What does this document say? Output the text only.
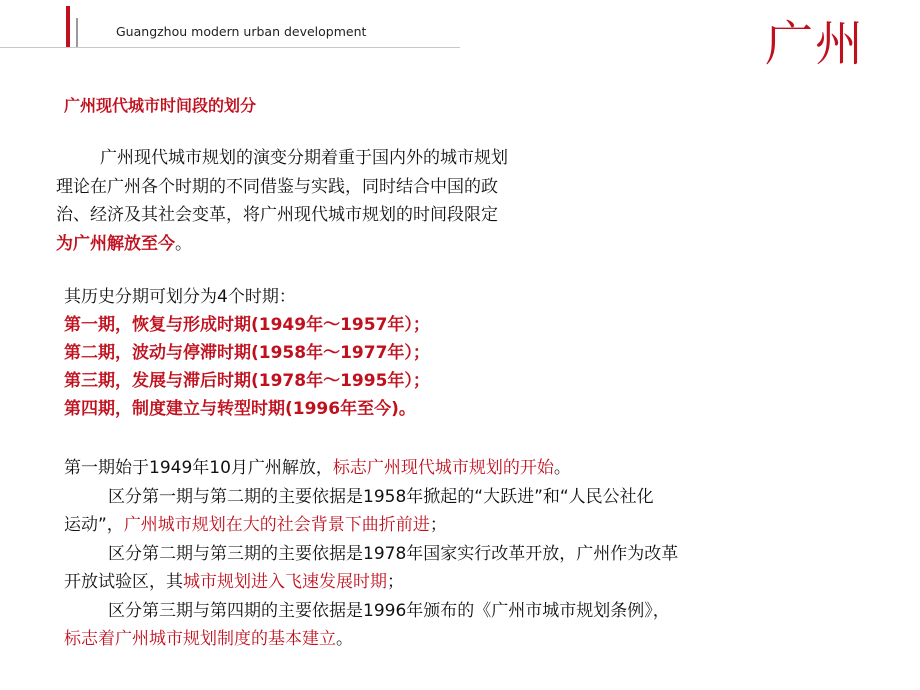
Guangzhou modern urban development	广州
广州现代城市时间段的划分
广州现代城市规划的演变分期着重于国内外的城市规划
理论在广州各个时期的不同借鉴与实践，同时结合中国的政
治、经济及其社会变革，将广州现代城市规划的时间段限定
为广州解放至今。
其历史分期可划分为4个时期：
第一期，恢复与形成时期(1949年～1957年）；
第二期，波动与停滞时期(1958年～1977年）；
第三期，发展与滞后时期(1978年～1995年）；
第四期，制度建立与转型时期(1996年至今)。
第一期始于1949年10月广州解放，标志广州现代城市规划的开始。
区分第一期与第二期的主要依据是1958年掀起的“大跃进”和“人民公社化
运动”，广州城市规划在大的社会背景下曲折前进；
区分第二期与第三期的主要依据是1978年国家实行改革开放，广州作为改革
开放试验区，其城市规划进入飞速发展时期；
区分第三期与第四期的主要依据是1996年颁布的《广州市城市规划条例》，
标志着广州城市规划制度的基本建立。
